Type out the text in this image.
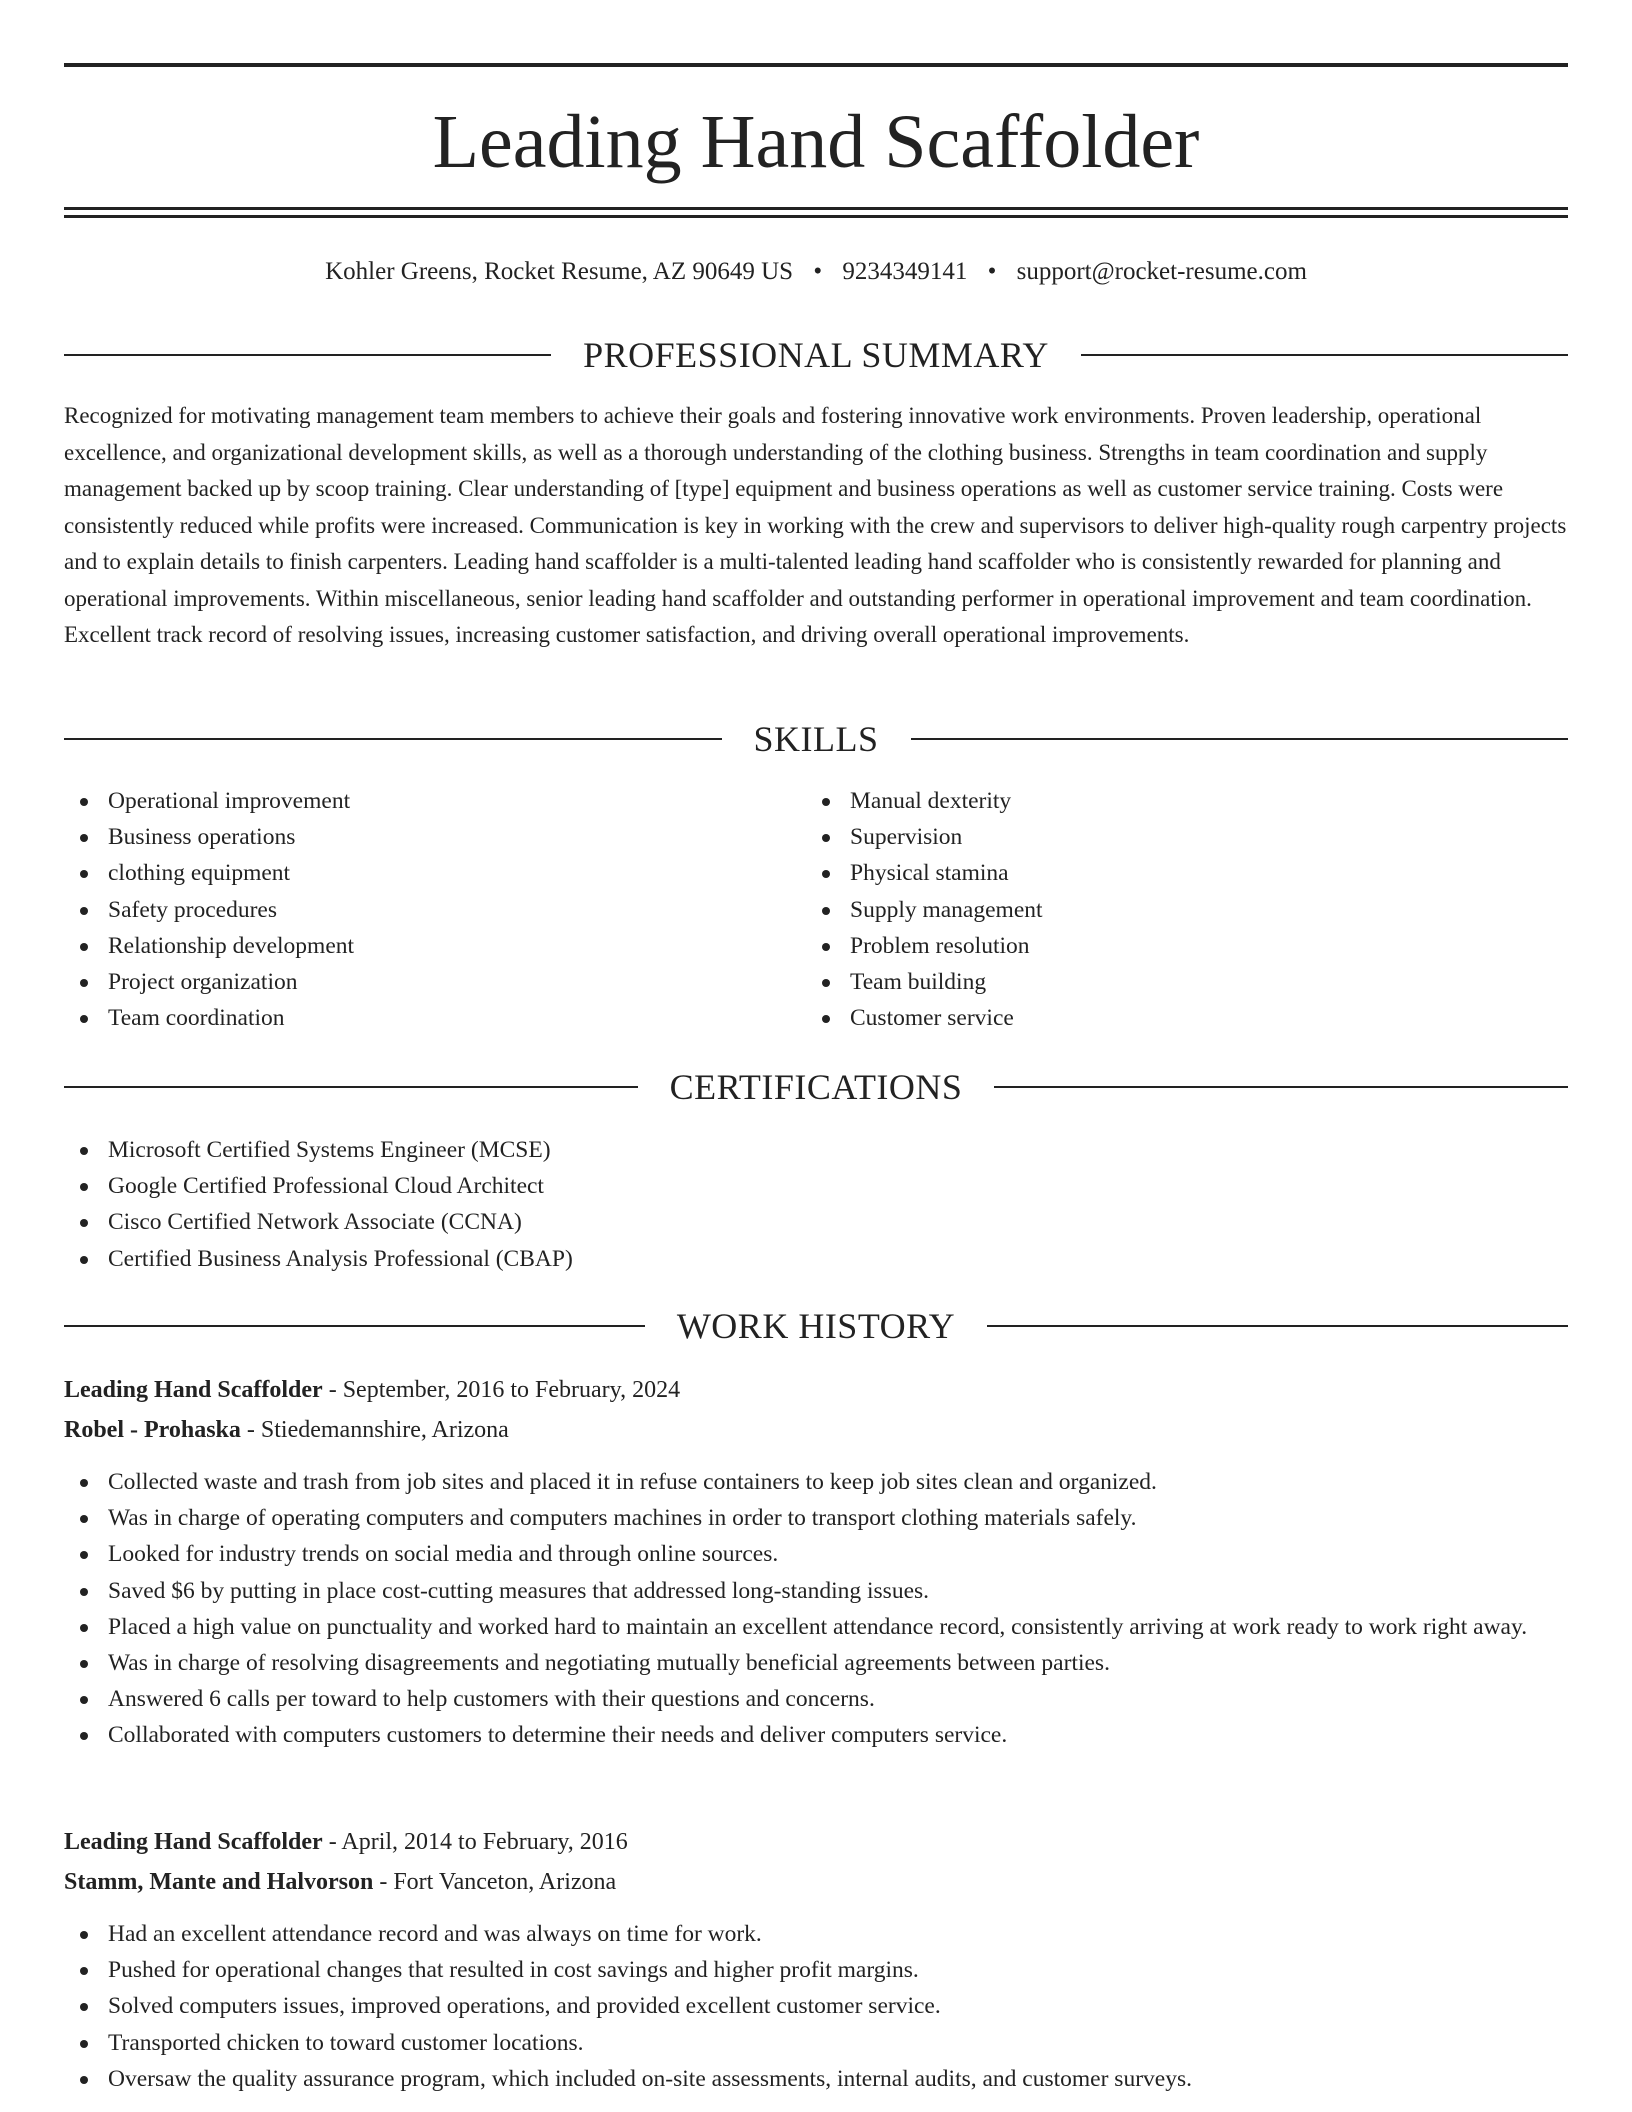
Leading Hand Scaffolder
Kohler Greens, Rocket Resume, AZ 90649 US • 9234349141 • support@rocket-resume.com
PROFESSIONAL SUMMARY

Recognized for motivating management team members to achieve their goals and fostering innovative work environments. Proven leadership, operational excellence, and organizational development skills, as well as a thorough understanding of the clothing business. Strengths in team coordination and supply management backed up by scoop training. Clear understanding of [type] equipment and business operations as well as customer service training. Costs were consistently reduced while profits were increased. Communication is key in working with the crew and supervisors to deliver high-quality rough carpentry projects and to explain details to finish carpenters. Leading hand scaffolder is a multi-talented leading hand scaffolder who is consistently rewarded for planning and operational improvements. Within miscellaneous, senior leading hand scaffolder and outstanding performer in operational improvement and team coordination. Excellent track record of resolving issues, increasing customer satisfaction, and driving overall operational improvements.

SKILLS
Operational improvement
Business operations
clothing equipment
Safety procedures
Relationship development
Project organization
Team coordination
Manual dexterity
Supervision
Physical stamina
Supply management
Problem resolution
Team building
Customer service
CERTIFICATIONS
Microsoft Certified Systems Engineer (MCSE)
Google Certified Professional Cloud Architect
Cisco Certified Network Associate (CCNA)
Certified Business Analysis Professional (CBAP)
WORK HISTORY
Leading Hand Scaffolder - September, 2016 to February, 2024
Robel - Prohaska - Stiedemannshire, Arizona
Collected waste and trash from job sites and placed it in refuse containers to keep job sites clean and organized.
Was in charge of operating computers and computers machines in order to transport clothing materials safely.
Looked for industry trends on social media and through online sources.
Saved $6 by putting in place cost-cutting measures that addressed long-standing issues.
Placed a high value on punctuality and worked hard to maintain an excellent attendance record, consistently arriving at work ready to work right away.
Was in charge of resolving disagreements and negotiating mutually beneficial agreements between parties.
Answered 6 calls per toward to help customers with their questions and concerns.
Collaborated with computers customers to determine their needs and deliver computers service.
Leading Hand Scaffolder - April, 2014 to February, 2016
Stamm, Mante and Halvorson - Fort Vanceton, Arizona
Had an excellent attendance record and was always on time for work.
Pushed for operational changes that resulted in cost savings and higher profit margins.
Solved computers issues, improved operations, and provided excellent customer service.
Transported chicken to toward customer locations.
Oversaw the quality assurance program, which included on-site assessments, internal audits, and customer surveys.
